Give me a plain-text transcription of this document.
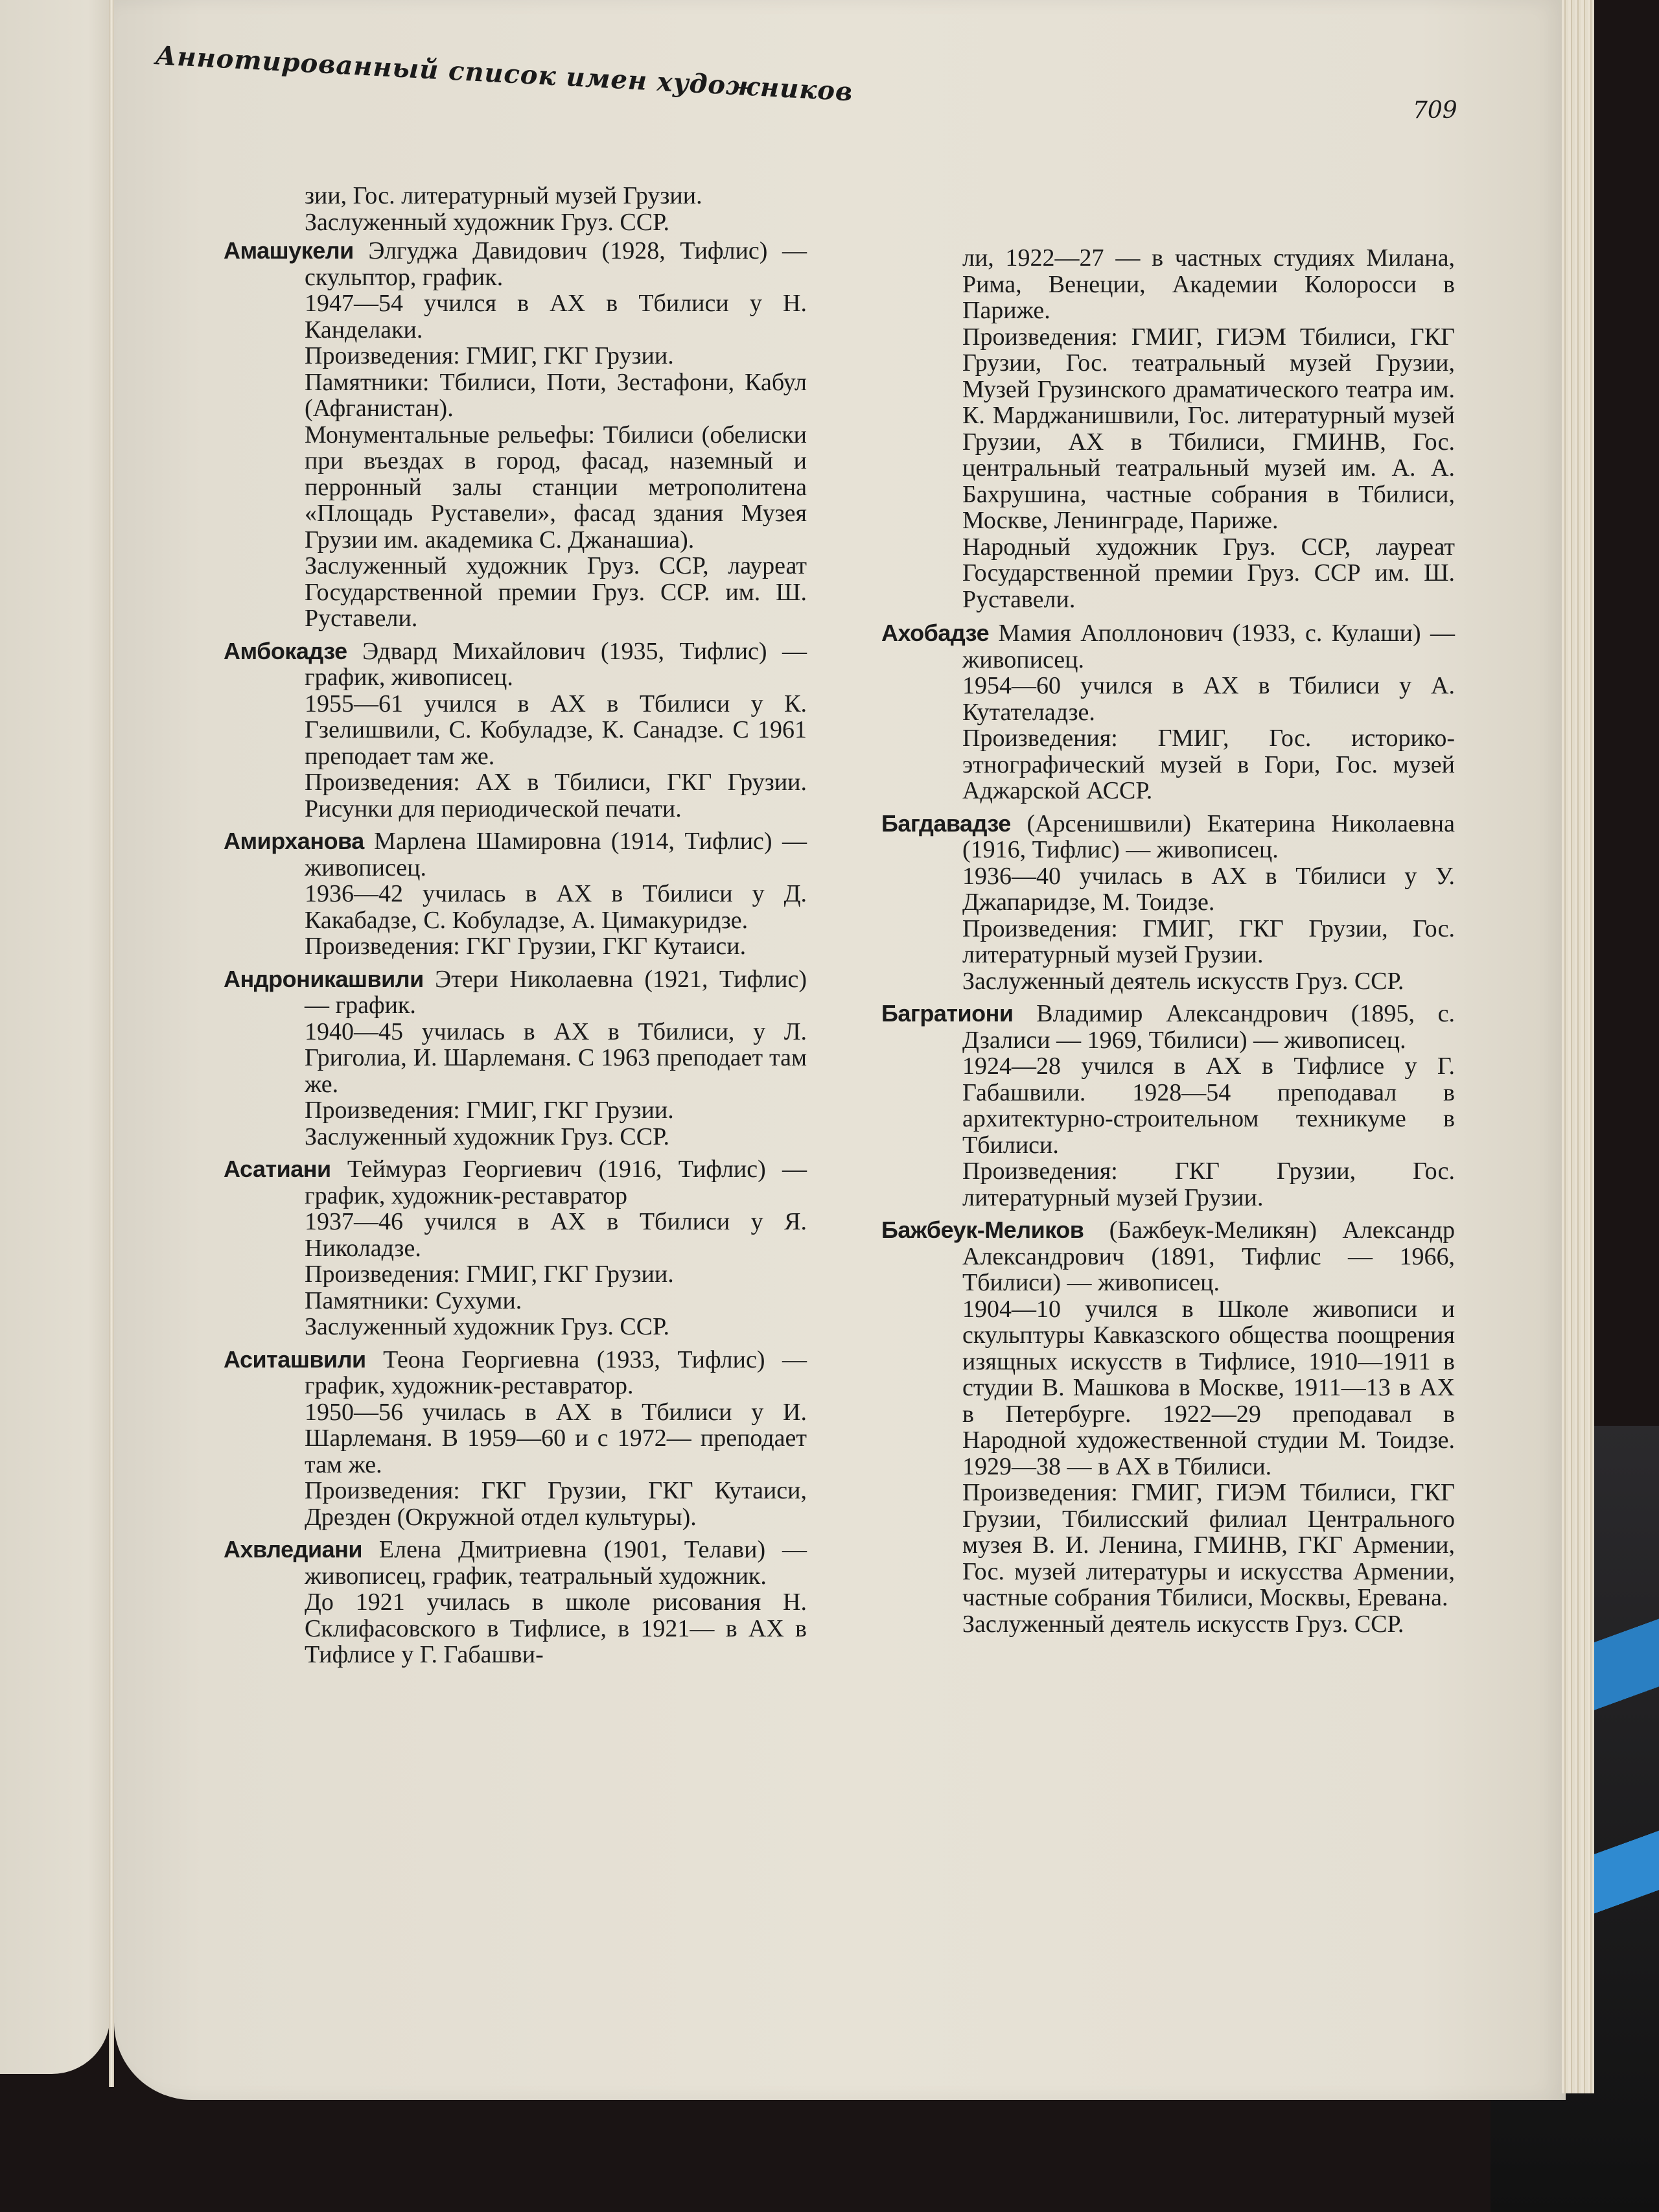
Аннотированный список имен художников
709
зии, Гос. литературный музей Грузии.
Заслуженный художник Груз. ССР.
Амашукели Элгуджа Давидович (1928, Тифлис) — скульптор, график.
1947—54 учился в АХ в Тбилиси у Н. Канделаки.
Произведения: ГМИГ, ГКГ Грузии.
Памятники: Тбилиси, Поти, Зестафони, Кабул (Афганистан).
Монументальные рельефы: Тбилиси (обелиски при въездах в город, фасад, наземный и перронный залы станции метрополитена «Площадь Руставели», фасад здания Музея Грузии им. академика С. Джанашиа).
Заслуженный художник Груз. ССР, лауреат Государственной премии Груз. ССР. им. Ш. Руставели.
Амбокадзе Эдвард Михайлович (1935, Тифлис) — график, живописец.
1955—61 учился в АХ в Тбилиси у К. Гзелишвили, С. Кобуладзе, К. Санадзе. С 1961 преподает там же.
Произведения: АХ в Тбилиси, ГКГ Грузии. Рисунки для периодической печати.
Амирханова Марлена Шамировна (1914, Тифлис) — живописец.
1936—42 училась в АХ в Тбилиси у Д. Какабадзе, С. Кобуладзе, А. Цимакуридзе.
Произведения: ГКГ Грузии, ГКГ Кутаиси.
Андроникашвили Этери Николаевна (1921, Тифлис) — график.
1940—45 училась в АХ в Тбилиси, у Л. Григолиа, И. Шарлеманя. С 1963 преподает там же.
Произведения: ГМИГ, ГКГ Грузии.
Заслуженный художник Груз. ССР.
Асатиани Теймураз Георгиевич (1916, Тифлис) — график, художник-реставратор
1937—46 учился в АХ в Тбилиси у Я. Николадзе.
Произведения: ГМИГ, ГКГ Грузии.
Памятники: Сухуми.
Заслуженный художник Груз. ССР.
Аситашвили Теона Георгиевна (1933, Тифлис) — график, художник-реставратор.
1950—56 училась в АХ в Тбилиси у И. Шарлеманя. В 1959—60 и с 1972— преподает там же.
Произведения: ГКГ Грузии, ГКГ Кутаиси, Дрезден (Окружной отдел культуры).
Ахвледиани Елена Дмитриевна (1901, Телави) — живописец, график, театральный художник.
До 1921 училась в школе рисования Н. Склифасовского в Тифлисе, в 1921— в АХ в Тифлисе у Г. Габашви-
ли, 1922—27 — в частных студиях Милана, Рима, Венеции, Академии Колоросси в Париже.
Произведения: ГМИГ, ГИЭМ Тбилиси, ГКГ Грузии, Гос. театральный музей Грузии, Музей Грузинского драматического театра им. К. Марджанишвили, Гос. литературный музей Грузии, АХ в Тбилиси, ГМИНВ, Гос. центральный театральный музей им. А. А. Бахрушина, частные собрания в Тбилиси, Москве, Ленинграде, Париже.
Народный художник Груз. ССР, лауреат Государственной премии Груз. ССР им. Ш. Руставели.
Ахобадзе Мамия Аполлонович (1933, с. Кулаши) — живописец.
1954—60 учился в АХ в Тбилиси у А. Кутателадзе.
Произведения: ГМИГ, Гос. историко-этнографический музей в Гори, Гос. музей Аджарской АССР.
Багдавадзе (Арсенишвили) Екатерина Николаевна (1916, Тифлис) — живописец.
1936—40 училась в АХ в Тбилиси у У. Джапаридзе, М. Тоидзе.
Произведения: ГМИГ, ГКГ Грузии, Гос. литературный музей Грузии.
Заслуженный деятель искусств Груз. ССР.
Багратиони Владимир Александрович (1895, с. Дзалиси — 1969, Тбилиси) — живописец.
1924—28 учился в АХ в Тифлисе у Г. Габашвили. 1928—54 преподавал в архитектурно-строительном техникуме в Тбилиси.
Произведения: ГКГ Грузии, Гос. литературный музей Грузии.
Бажбеук-Меликов (Бажбеук-Меликян) Александр Александрович (1891, Тифлис — 1966, Тбилиси) — живописец.
1904—10 учился в Школе живописи и скульптуры Кавказского общества поощрения изящных искусств в Тифлисе, 1910—1911 в студии В. Машкова в Москве, 1911—13 в АХ в Петербурге. 1922—29 преподавал в Народной художественной студии М. Тоидзе. 1929—38 — в АХ в Тбилиси.
Произведения: ГМИГ, ГИЭМ Тбилиси, ГКГ Грузии, Тбилисский филиал Центрального музея В. И. Ленина, ГМИНВ, ГКГ Армении, Гос. музей литературы и искусства Армении, частные собрания Тбилиси, Москвы, Еревана.
Заслуженный деятель искусств Груз. ССР.
